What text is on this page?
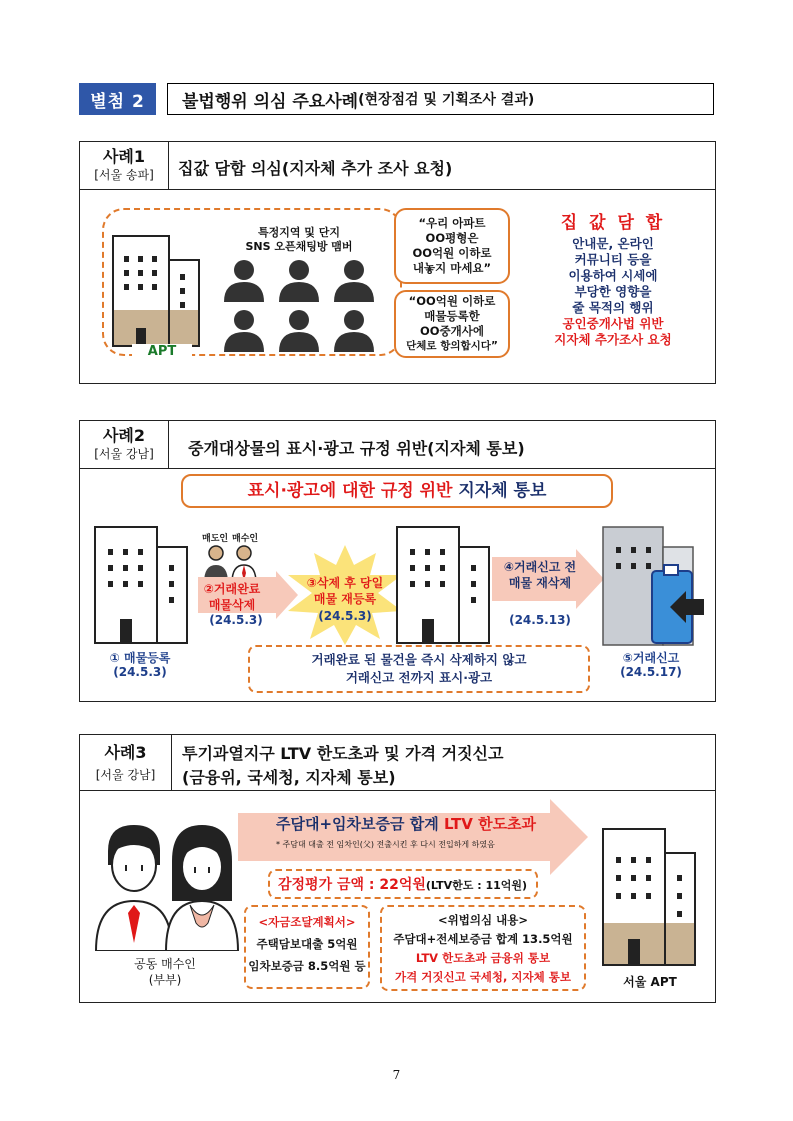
별첨 2	불법행위 의심 주요사례 (현장점검 및 기획조사 결과)
사례1
[서울 송파]	집값 담합 의심(지자체 추가 조사 요청)
APT
특정지역 및 단지
SNS 오픈채팅방 맴버
“우리 아파트
OO평형은
OO억원 이하로
내놓지 마세요”
“OO억원 이하로
매물등록한
OO중개사에
단체로 항의합시다”
집 값 담 합
안내문, 온라인
커뮤니티 등을
이용하여 시세에
부당한 영향을
줄 목적의 행위
공인중개사법 위반
지자체 추가조사 요청
사례2
[서울 강남]	중개대상물의 표시·광고 규정 위반(지자체 통보)
표시·광고에 대한 규정 위반 지자체 통보
① 매물등록
(24.5.3)
매도인 매수인
②거래완료
매물삭제
(24.5.3)
③삭제 후 당일
매물 재등록
(24.5.3)
④거래신고 전
매물 재삭제
(24.5.13)
⑤거래신고
(24.5.17)
거래완료 된 물건을 즉시 삭제하지 않고
거래신고 전까지 표시·광고
사례3
[서울 강남]
투기과열지구 LTV 한도초과 및 가격 거짓신고
(금융위, 국세청, 지자체 통보)
주담대+임차보증금 합계 LTV 한도초과
* 주담대 대출 전 임차인(父) 전출시킨 후 다시 전입하게 하였음
감정평가 금액 : 22억원(LTV한도 : 11억원)
공동 매수인
(부부)
<자금조달계획서>
주택담보대출 5억원
임차보증금 8.5억원 등
<위법의심 내용>
주담대+전세보증금 합계 13.5억원
LTV 한도초과 금융위 통보
가격 거짓신고 국세청, 지자체 통보	서울 APT
7
